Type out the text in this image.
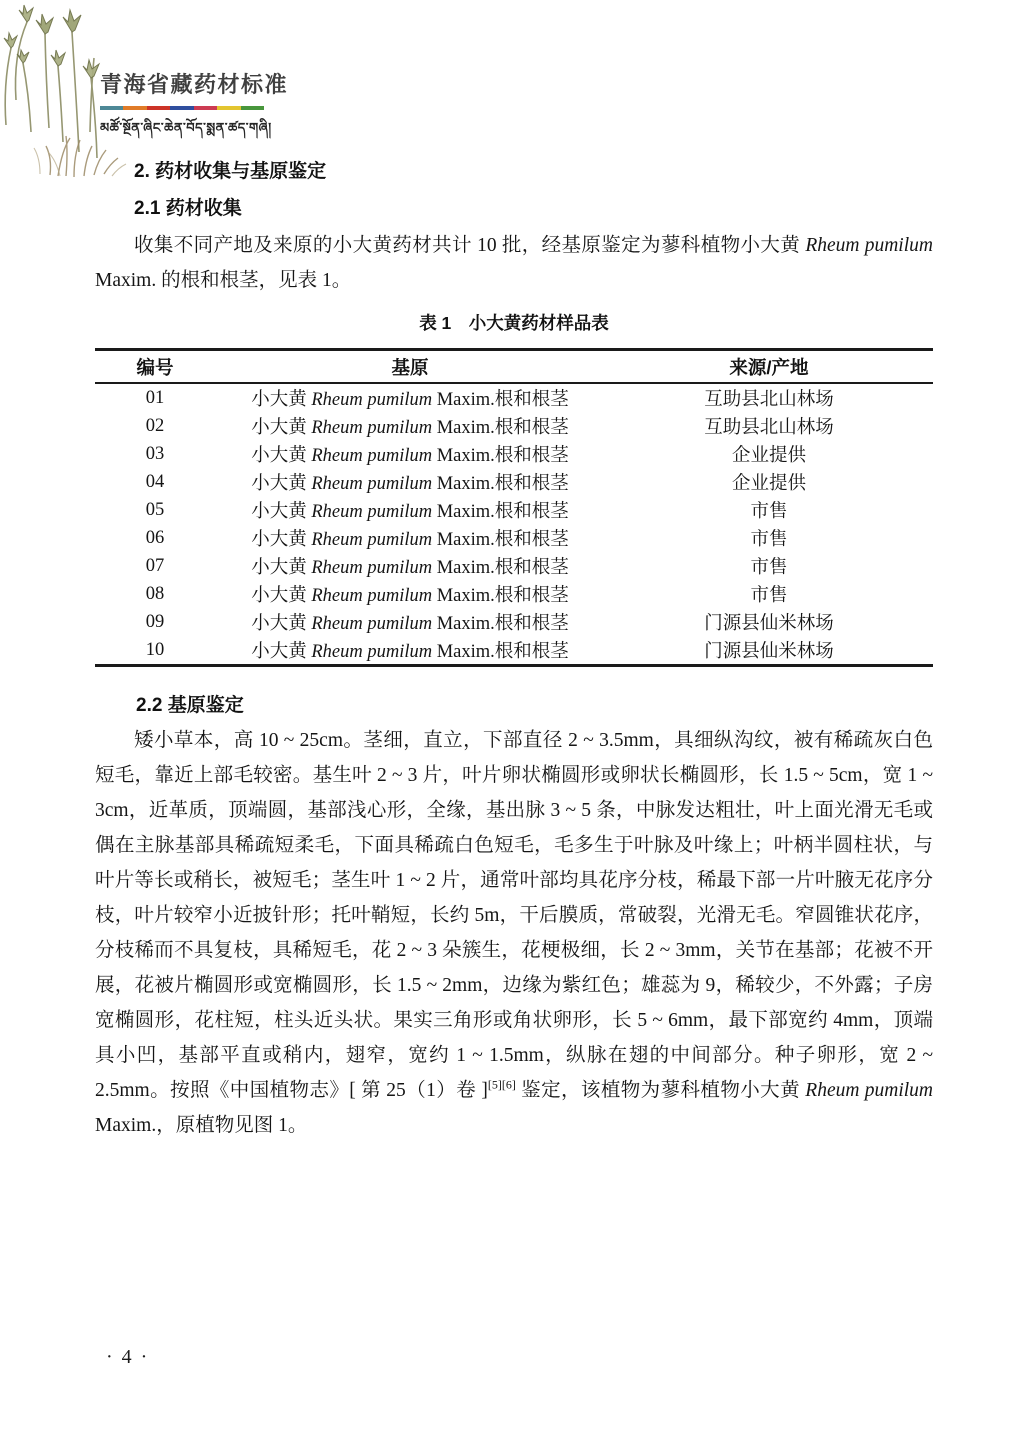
青海省藏药材标准
མཚོ་སྔོན་ཞིང་ཆེན་བོད་སྨན་ཚད་གཞི།
2. 药材收集与基原鉴定
2.1 药材收集

收集不同产地及来原的小大黄药材共计 10 批，经基原鉴定为蓼科植物小大黄 Rheum pumilum Maxim. 的根和根茎，见表 1。

表 1　小大黄药材样品表
编号	基原	来源/产地
01	小大黄 Rheum pumilum Maxim.根和根茎	互助县北山林场
02	小大黄 Rheum pumilum Maxim.根和根茎	互助县北山林场
03	小大黄 Rheum pumilum Maxim.根和根茎	企业提供
04	小大黄 Rheum pumilum Maxim.根和根茎	企业提供
05	小大黄 Rheum pumilum Maxim.根和根茎	市售
06	小大黄 Rheum pumilum Maxim.根和根茎	市售
07	小大黄 Rheum pumilum Maxim.根和根茎	市售
08	小大黄 Rheum pumilum Maxim.根和根茎	市售
09	小大黄 Rheum pumilum Maxim.根和根茎	门源县仙米林场
10	小大黄 Rheum pumilum Maxim.根和根茎	门源县仙米林场
2.2 基原鉴定

矮小草本，高 10 ~ 25cm。茎细，直立，下部直径 2 ~ 3.5mm，具细纵沟纹，被有稀疏灰白色短毛，靠近上部毛较密。基生叶 2 ~ 3 片，叶片卵状椭圆形或卵状长椭圆形，长 1.5 ~ 5cm，宽 1 ~ 3cm，近革质，顶端圆，基部浅心形，全缘，基出脉 3 ~ 5 条，中脉发达粗壮，叶上面光滑无毛或偶在主脉基部具稀疏短柔毛，下面具稀疏白色短毛，毛多生于叶脉及叶缘上；叶柄半圆柱状，与叶片等长或稍长，被短毛；茎生叶 1 ~ 2 片，通常叶部均具花序分枝，稀最下部一片叶腋无花序分枝，叶片较窄小近披针形；托叶鞘短，长约 5m，干后膜质，常破裂，光滑无毛。窄圆锥状花序，分枝稀而不具复枝，具稀短毛，花 2 ~ 3 朵簇生，花梗极细，长 2 ~ 3mm，关节在基部；花被不开展，花被片椭圆形或宽椭圆形，长 1.5 ~ 2mm，边缘为紫红色；雄蕊为 9，稀较少，不外露；子房宽椭圆形，花柱短，柱头近头状。果实三角形或角状卵形，长 5 ~ 6mm，最下部宽约 4mm，顶端具小凹，基部平直或稍内，翅窄，宽约 1 ~ 1.5mm，纵脉在翅的中间部分。种子卵形，宽 2 ~ 2.5mm。按照《中国植物志》[ 第 25（1）卷 ][5][6] 鉴定，该植物为蓼科植物小大黄 Rheum pumilum Maxim.，原植物见图 1。

· 4 ·
